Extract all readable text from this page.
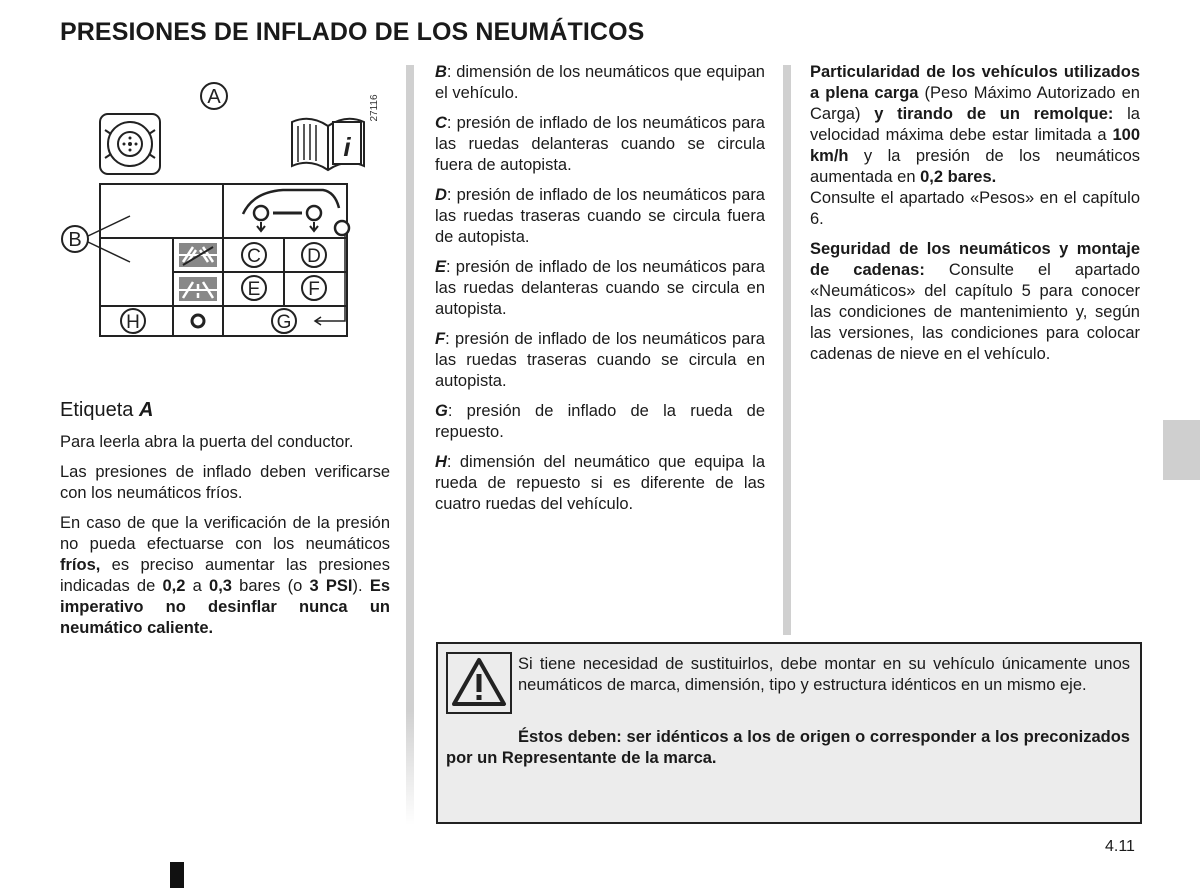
PRESIONES DE INFLADO DE LOS NEUMÁTICOS
A	27116
i
B
C D
E	F
H	G
Etiqueta A

Para leerla abra la puerta del conductor.

Las presiones de inflado deben verificarse con los neumáticos fríos.

En caso de que la verificación de la presión no pueda efectuarse con los neumáticos fríos, es preciso aumentar las presiones indicadas de 0,2 a 0,3 bares (o 3 PSI). Es imperativo no desinflar nunca un neumático caliente.

B: dimensión de los neumáticos que equipan el vehículo.

C: presión de inflado de los neumáticos para las ruedas delanteras cuando se circula fuera de autopista.

D: presión de inflado de los neumáticos para las ruedas traseras cuando se circula fuera de autopista.

E: presión de inflado de los neumáticos para las ruedas delanteras cuando se circula en autopista.

F: presión de inflado de los neumáticos para las ruedas traseras cuando se circula en autopista.

G: presión de inflado de la rueda de repuesto.

H: dimensión del neumático que equipa la rueda de repuesto si es diferente de las cuatro ruedas del vehículo.

Particularidad de los vehículos utilizados a plena carga (Peso Máximo Autorizado en Carga) y tirando de un remolque: la velocidad máxima debe estar limitada a 100 km/h y la presión de los neumáticos aumentada en 0,2 bares.

Consulte el apartado «Pesos» en el capítulo 6.

Seguridad de los neumáticos y montaje de cadenas: Consulte el apartado «Neumáticos» del capítulo 5 para conocer las condiciones de mantenimiento y, según las versiones, las condiciones para colocar cadenas de nieve en el vehículo.

Si tiene necesidad de sustituirlos, debe montar en su vehículo únicamente unos neumáticos de marca, dimensión, tipo y estructura idénticos en un mismo eje.

Éstos deben: ser idénticos a los de origen o corresponder a los preconizados por un Representante de la marca.

4.11
